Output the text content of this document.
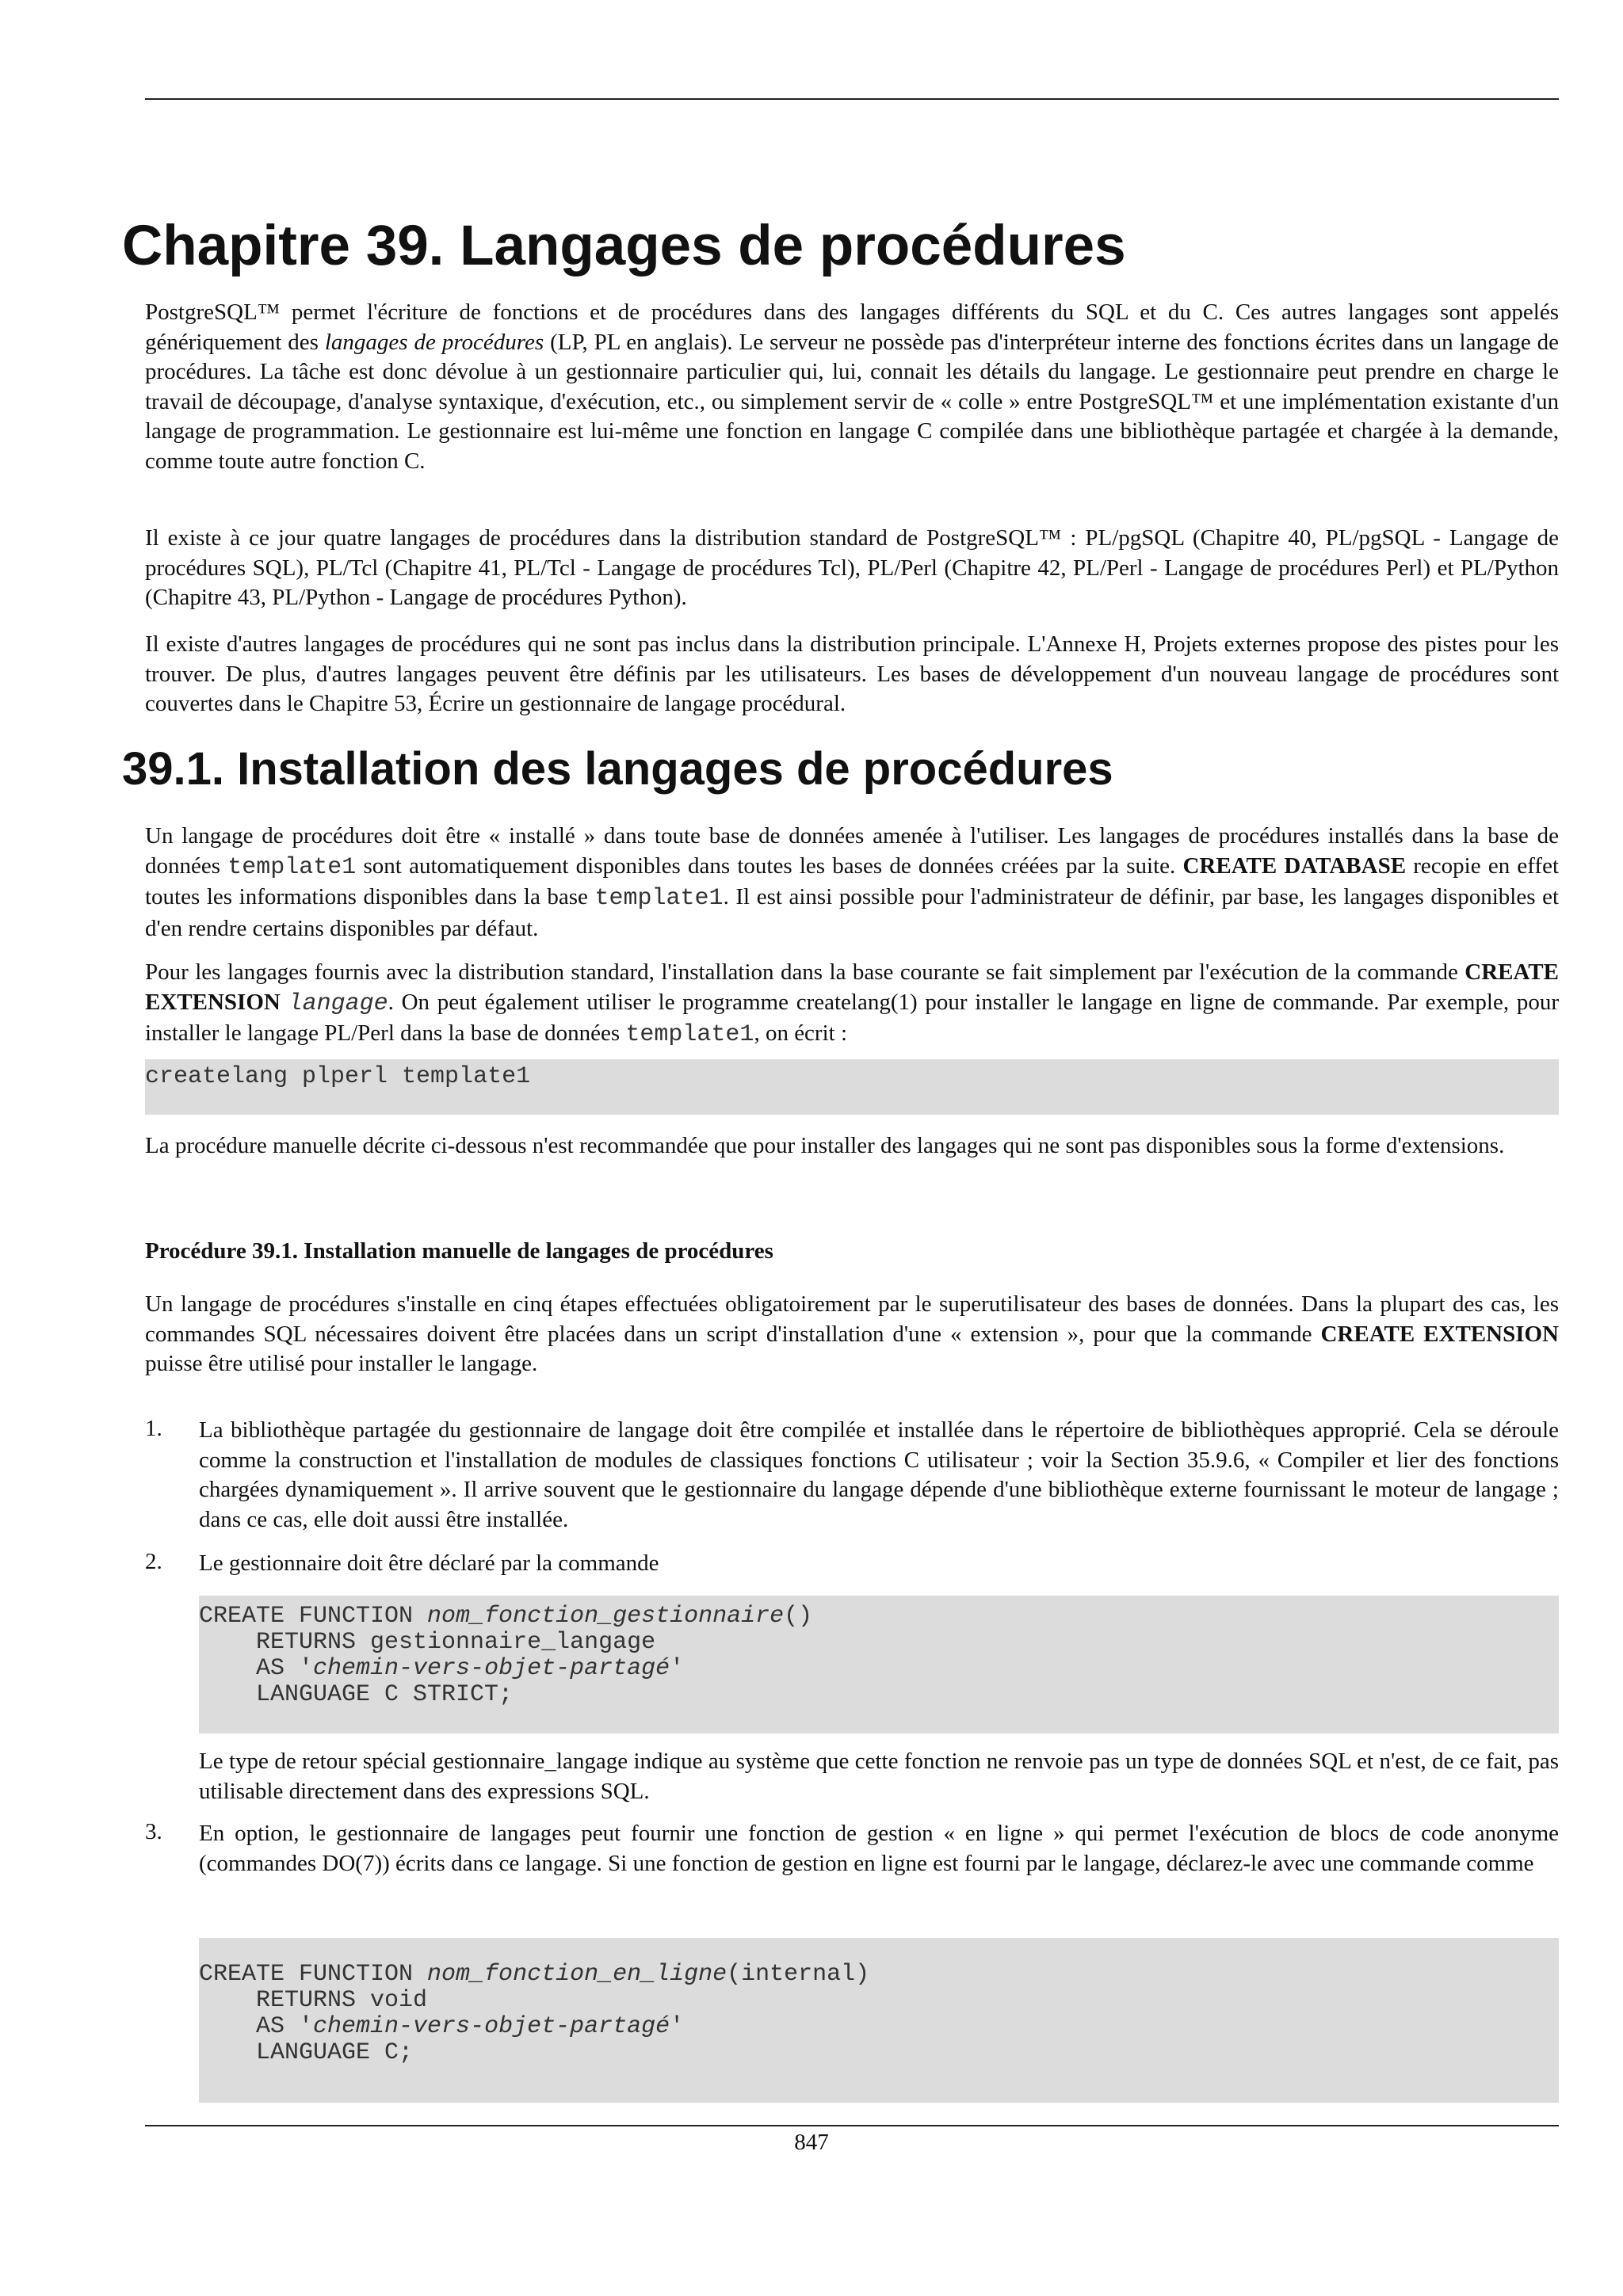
Chapitre 39. Langages de procédures

PostgreSQL™ permet l'écriture de fonctions et de procédures dans des langages différents du SQL et du C. Ces autres langages sont appelés génériquement des langages de procédures (LP, PL en anglais). Le serveur ne possède pas d'interpréteur interne des fonctions écrites dans un langage de procédures. La tâche est donc dévolue à un gestionnaire particulier qui, lui, connait les détails du langage. Le gestionnaire peut prendre en charge le travail de découpage, d'analyse syntaxique, d'exécution, etc., ou simplement servir de « colle » entre PostgreSQL™ et une implémentation existante d'un langage de programmation. Le gestionnaire est lui-même une fonction en langage C compilée dans une bibliothèque partagée et chargée à la demande, comme toute autre fonction C.

Il existe à ce jour quatre langages de procédures dans la distribution standard de PostgreSQL™ : PL/pgSQL (Chapitre 40, PL/pgSQL - Langage de procédures SQL), PL/Tcl (Chapitre 41, PL/Tcl - Langage de procédures Tcl), PL/Perl (Chapitre 42, PL/Perl - Langage de procédures Perl) et PL/Python (Chapitre 43, PL/Python - Langage de procédures Python).
Il existe d'autres langages de procédures qui ne sont pas inclus dans la distribution principale. L'Annexe H, Projets externes propose des pistes pour les trouver. De plus, d'autres langages peuvent être définis par les utilisateurs. Les bases de développement d'un nouveau langage de procédures sont couvertes dans le Chapitre 53, Écrire un gestionnaire de langage procédural.
39.1. Installation des langages de procédures

Un langage de procédures doit être « installé » dans toute base de données amenée à l'utiliser. Les langages de procédures installés dans la base de données template1 sont automatiquement disponibles dans toutes les bases de données créées par la suite. CREATE DATABASE recopie en effet toutes les informations disponibles dans la base template1. Il est ainsi possible pour l'administrateur de définir, par base, les langages disponibles et d'en rendre certains disponibles par défaut.

Pour les langages fournis avec la distribution standard, l'installation dans la base courante se fait simplement par l'exécution de la commande CREATE EXTENSION langage. On peut également utiliser le programme createlang(1) pour installer le langage en ligne de commande. Par exemple, pour installer le langage PL/Perl dans la base de données template1, on écrit :

createlang plperl template1
La procédure manuelle décrite ci-dessous n'est recommandée que pour installer des langages qui ne sont pas disponibles sous la forme d'extensions.
Procédure 39.1. Installation manuelle de langages de procédures

Un langage de procédures s'installe en cinq étapes effectuées obligatoirement par le superutilisateur des bases de données. Dans la plupart des cas, les commandes SQL nécessaires doivent être placées dans un script d'installation d'une « extension », pour que la commande CREATE EXTENSION puisse être utilisé pour installer le langage.

1. La bibliothèque partagée du gestionnaire de langage doit être compilée et installée dans le répertoire de bibliothèques approprié. Cela se déroule comme la construction et l'installation de modules de classiques fonctions C utilisateur ; voir la Section 35.9.6, « Compiler et lier des fonctions chargées dynamiquement ». Il arrive souvent que le gestionnaire du langage dépende d'une bibliothèque externe fournissant le moteur de langage ; dans ce cas, elle doit aussi être installée.
2. Le gestionnaire doit être déclaré par la commande
CREATE FUNCTION nom_fonction_gestionnaire()
RETURNS gestionnaire_langage
AS 'chemin-vers-objet-partagé'
LANGUAGE C STRICT;
Le type de retour spécial gestionnaire_langage indique au système que cette fonction ne renvoie pas un type de données SQL et n'est, de ce fait, pas utilisable directement dans des expressions SQL.
3. En option, le gestionnaire de langages peut fournir une fonction de gestion « en ligne » qui permet l'exécution de blocs de code anonyme (commandes DO(7)) écrits dans ce langage. Si une fonction de gestion en ligne est fourni par le langage, déclarez-le avec une commande comme
CREATE FUNCTION nom_fonction_en_ligne(internal)
RETURNS void
AS 'chemin-vers-objet-partagé'
LANGUAGE C;
847
